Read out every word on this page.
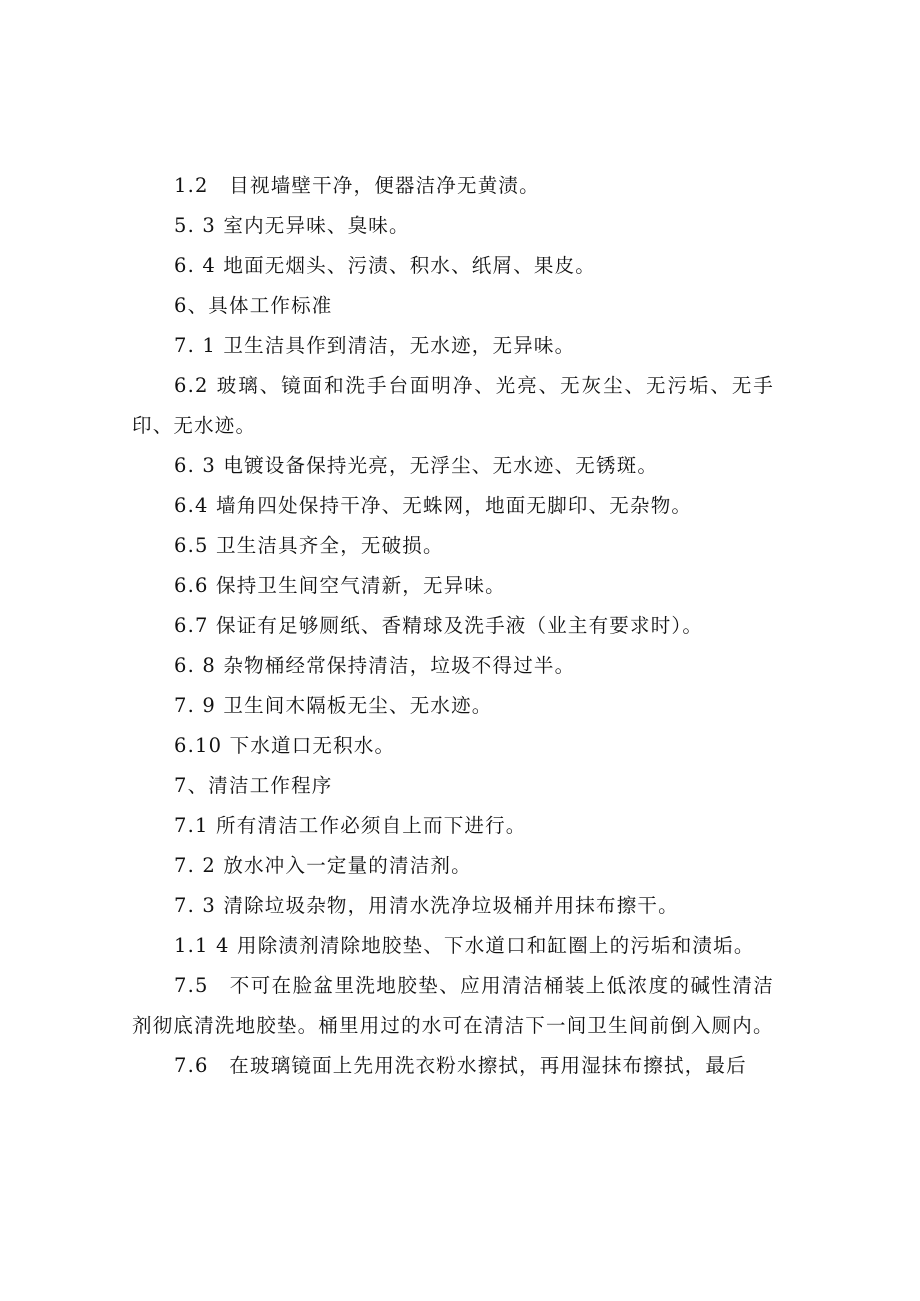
1.2　目视墙壁干净，便器洁净无黄渍。

5. 3 室内无异味、臭味。

6. 4 地面无烟头、污渍、积水、纸屑、果皮。

6、具体工作标准

7. 1 卫生洁具作到清洁，无水迹，无异味。

6.2 玻璃、镜面和洗手台面明净、光亮、无灰尘、无污垢、无手印、无水迹。

6. 3 电镀设备保持光亮，无浮尘、无水迹、无锈斑。

6.4 墙角四处保持干净、无蛛网，地面无脚印、无杂物。

6.5 卫生洁具齐全，无破损。

6.6 保持卫生间空气清新，无异味。

6.7 保证有足够厕纸、香精球及洗手液（业主有要求时）。

6. 8 杂物桶经常保持清洁，垃圾不得过半。

7. 9 卫生间木隔板无尘、无水迹。

6.10 下水道口无积水。

7、清洁工作程序

7.1 所有清洁工作必须自上而下进行。

7. 2 放水冲入一定量的清洁剂。

7. 3 清除垃圾杂物，用清水洗净垃圾桶并用抹布擦干。

1.1 4 用除渍剂清除地胶垫、下水道口和缸圈上的污垢和渍垢。

7.5　不可在脸盆里洗地胶垫、应用清洁桶装上低浓度的碱性清洁剂彻底清洗地胶垫。桶里用过的水可在清洁下一间卫生间前倒入厕内。

7.6　在玻璃镜面上先用洗衣粉水擦拭，再用湿抹布擦拭，最后
